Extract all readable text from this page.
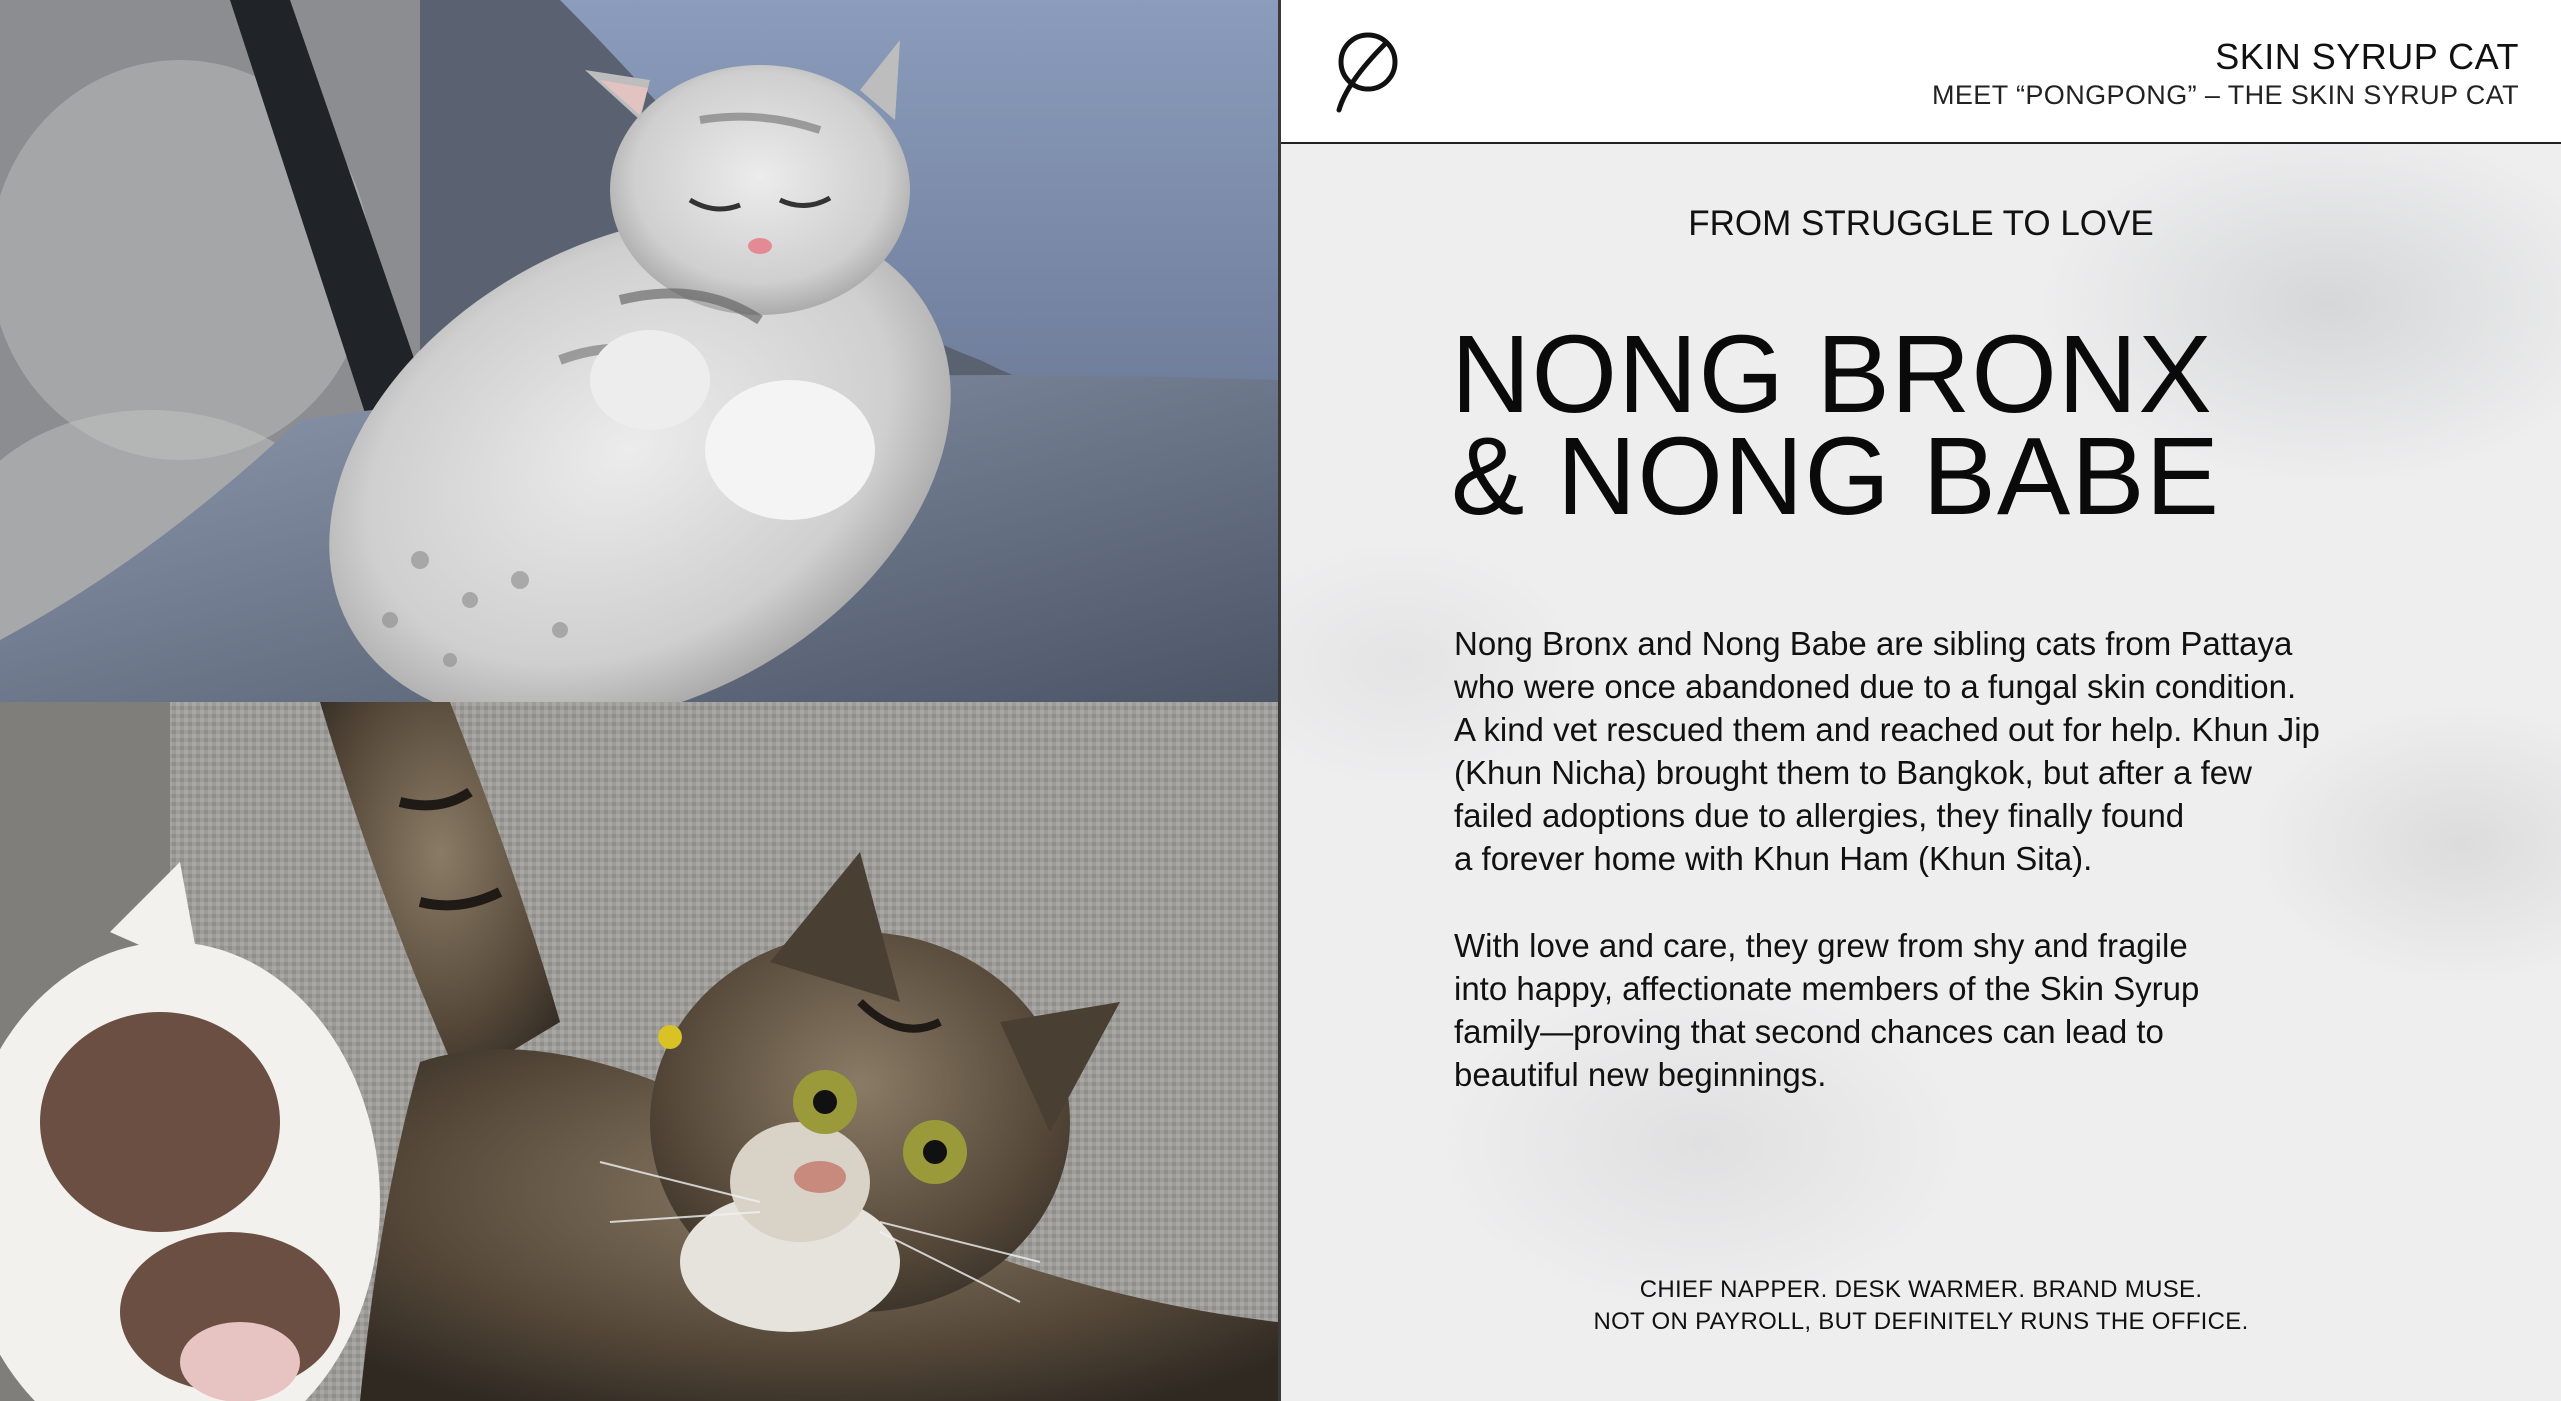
SKIN SYRUP CAT
MEET “PONGPONG” – THE SKIN SYRUP CAT
FROM STRUGGLE TO LOVE
NONG BRONX
& NONG BABE

Nong Bronx and Nong Babe are sibling cats from Pattaya
who were once abandoned due to a fungal skin condition.
A kind vet rescued them and reached out for help. Khun Jip
(Khun Nicha) brought them to Bangkok, but after a few
failed adoptions due to allergies, they finally found
a forever home with Khun Ham (Khun Sita).

With love and care, they grew from shy and fragile
into happy, affectionate members of the Skin Syrup
family—proving that second chances can lead to
beautiful new beginnings.

CHIEF NAPPER. DESK WARMER. BRAND MUSE.
NOT ON PAYROLL, BUT DEFINITELY RUNS THE OFFICE.
